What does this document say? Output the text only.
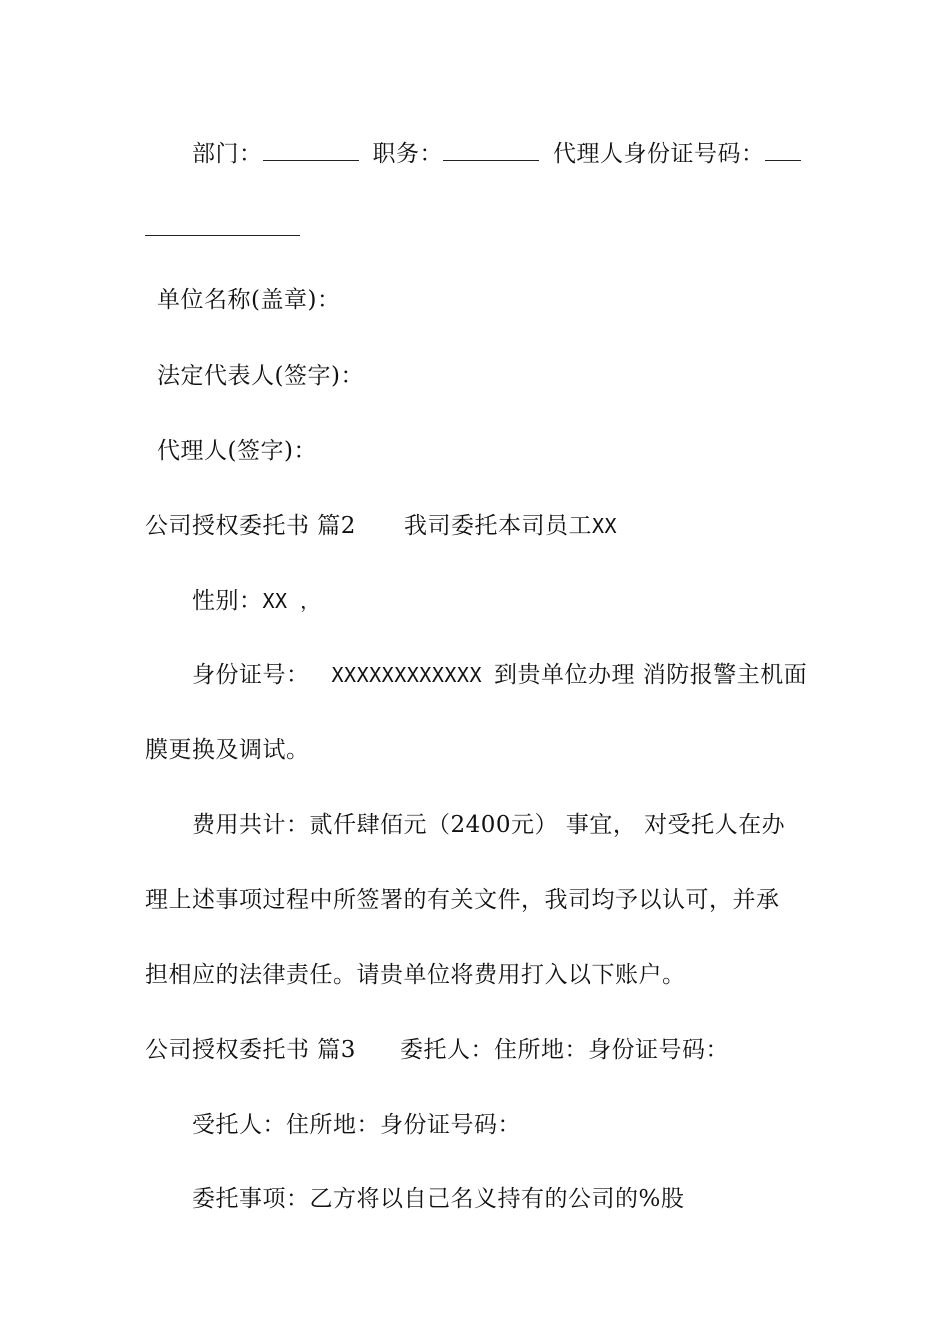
部门：	职务：	代理人身份证号码：
单位名称(盖章)：
法定代表人(签字)：
代理人(签字)：
公司授权委托书 篇2 我司委托本司员工XX
性别：XX ，
身份证号： XXXXXXXXXXXX 到贵单位办理 消防报警主机面
膜更换及调试。
费用共计：贰仟肆佰元（2400元） 事宜， 对受托人在办
理上述事项过程中所签署的有关文件，我司均予以认可，并承
担相应的法律责任。请贵单位将费用打入以下账户。
公司授权委托书 篇3 委托人：住所地：身份证号码：
受托人：住所地：身份证号码：
委托事项：乙方将以自己名义持有的公司的%股
